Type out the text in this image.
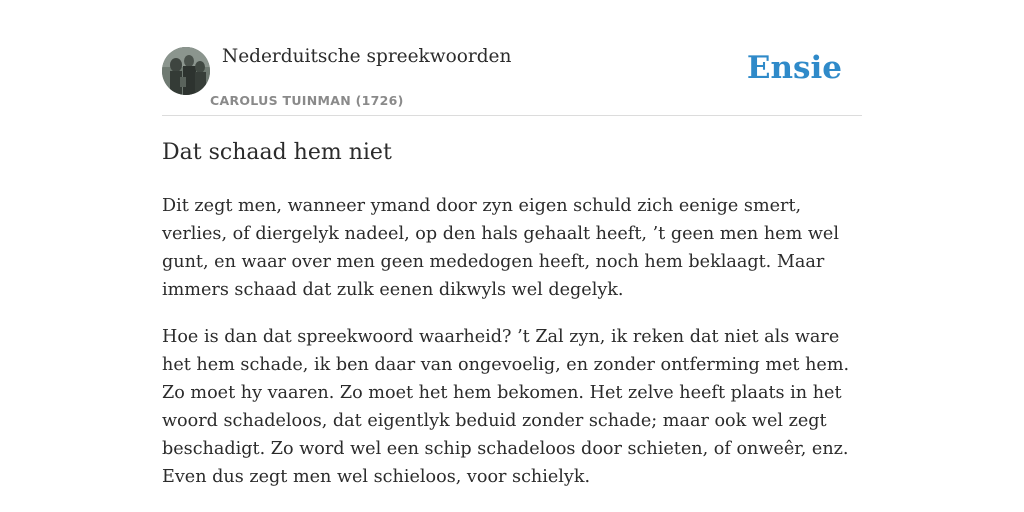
Nederduitsche spreekwoorden
CAROLUS TUINMAN (1726)
Ensie
Dat schaad hem niet

Dit zegt men, wanneer ymand door zyn eigen schuld zich eenige smert, verlies, of diergelyk nadeel, op den hals gehaalt heeft, ’t geen men hem wel gunt, en waar over men geen mededogen heeft, noch hem beklaagt. Maar immers schaad dat zulk eenen dikwyls wel degelyk.

Hoe is dan dat spreekwoord waarheid? ’t Zal zyn, ik reken dat niet als ware het hem schade, ik ben daar van ongevoelig, en zonder ontferming met hem. Zo moet hy vaaren. Zo moet het hem bekomen. Het zelve heeft plaats in het woord schadeloos, dat eigentlyk beduid zonder schade; maar ook wel zegt beschadigt. Zo word wel een schip schadeloos door schieten, of onweêr, enz. Even dus zegt men wel schieloos, voor schielyk.
